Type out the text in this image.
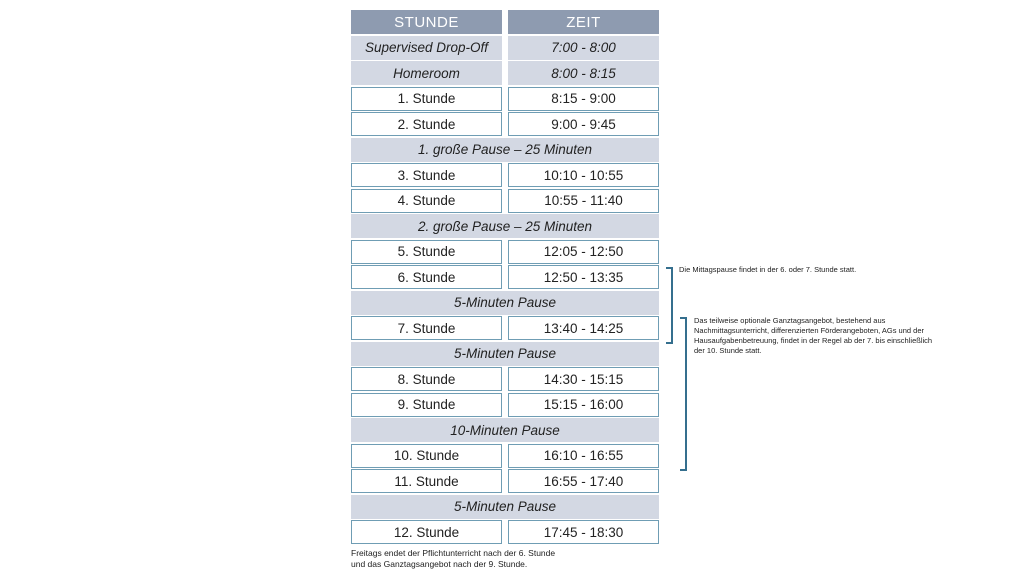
STUNDE	ZEIT
Supervised Drop-Off	7:00 - 8:00
Homeroom	8:00 - 8:15
1. Stunde	8:15 - 9:00
2. Stunde	9:00 - 9:45
1. große Pause – 25 Minuten
3. Stunde	10:10 - 10:55
4. Stunde	10:55 - 11:40
2. große Pause – 25 Minuten
5. Stunde	12:05 - 12:50
6. Stunde	12:50 - 13:35
5-Minuten Pause
7. Stunde	13:40 - 14:25
5-Minuten Pause
8. Stunde	14:30 - 15:15
9. Stunde	15:15 - 16:00
10-Minuten Pause
10. Stunde	16:10 - 16:55
11. Stunde	16:55 - 17:40
5-Minuten Pause
12. Stunde	17:45 - 18:30
Die Mittagspause findet in der 6. oder 7. Stunde statt.
Das teilweise optionale Ganztagsangebot, bestehend aus Nachmittagsunterricht, differenzierten Förderangeboten, AGs und der Hausaufgabenbetreuung, findet in der Regel ab der 7. bis einschließlich der 10. Stunde statt.
Freitags endet der Pflichtunterricht nach der 6. Stunde
und das Ganztagsangebot nach der 9. Stunde.
